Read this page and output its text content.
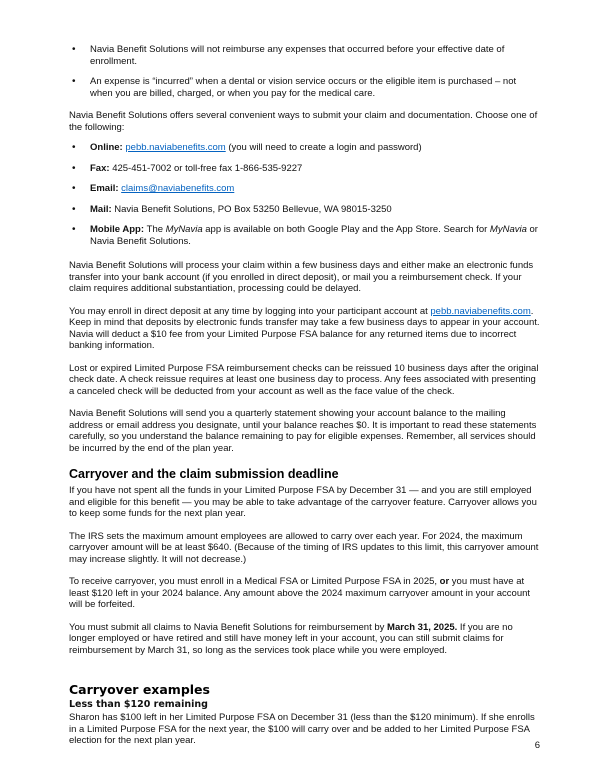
• Navia Benefit Solutions will not reimburse any expenses that occurred before your effective date of enrollment.
• An expense is “incurred” when a dental or vision service occurs or the eligible item is purchased – not when you are billed, charged, or when you pay for the medical care.

Navia Benefit Solutions offers several convenient ways to submit your claim and documentation. Choose one of the following:

• Online: pebb.naviabenefits.com (you will need to create a login and password)
• Fax: 425-451-7002 or toll-free fax 1-866-535-9227
• Email: claims@naviabenefits.com
• Mail: Navia Benefit Solutions, PO Box 53250 Bellevue, WA 98015-3250
• Mobile App: The MyNavia app is available on both Google Play and the App Store. Search for MyNavia or Navia Benefit Solutions.

Navia Benefit Solutions will process your claim within a few business days and either make an electronic funds transfer into your bank account (if you enrolled in direct deposit), or mail you a reimbursement check. If your claim requires additional substantiation, processing could be delayed.

You may enroll in direct deposit at any time by logging into your participant account at pebb.naviabenefits.com. Keep in mind that deposits by electronic funds transfer may take a few business days to appear in your account. Navia will deduct a $10 fee from your Limited Purpose FSA balance for any returned items due to incorrect banking information.

Lost or expired Limited Purpose FSA reimbursement checks can be reissued 10 business days after the original check date. A check reissue requires at least one business day to process. Any fees associated with presenting a canceled check will be deducted from your account as well as the face value of the check.

Navia Benefit Solutions will send you a quarterly statement showing your account balance to the mailing address or email address you designate, until your balance reaches $0. It is important to read these statements carefully, so you understand the balance remaining to pay for eligible expenses. Remember, all services should be incurred by the end of the plan year.

Carryover and the claim submission deadline

If you have not spent all the funds in your Limited Purpose FSA by December 31 — and you are still employed and eligible for this benefit — you may be able to take advantage of the carryover feature. Carryover allows you to keep some funds for the next plan year.

The IRS sets the maximum amount employees are allowed to carry over each year. For 2024, the maximum carryover amount will be at least $640. (Because of the timing of IRS updates to this limit, this carryover amount may increase slightly. It will not decrease.)

To receive carryover, you must enroll in a Medical FSA or Limited Purpose FSA in 2025, or you must have at least $120 left in your 2024 balance. Any amount above the 2024 maximum carryover amount in your account will be forfeited.

You must submit all claims to Navia Benefit Solutions for reimbursement by March 31, 2025. If you are no longer employed or have retired and still have money left in your account, you can still submit claims for reimbursement by March 31, so long as the services took place while you were employed.

Carryover examples

Less than $120 remaining

Sharon has $100 left in her Limited Purpose FSA on December 31 (less than the $120 minimum). If she enrolls in a Limited Purpose FSA for the next year, the $100 will carry over and be added to her Limited Purpose FSA election for the next plan year.	6
